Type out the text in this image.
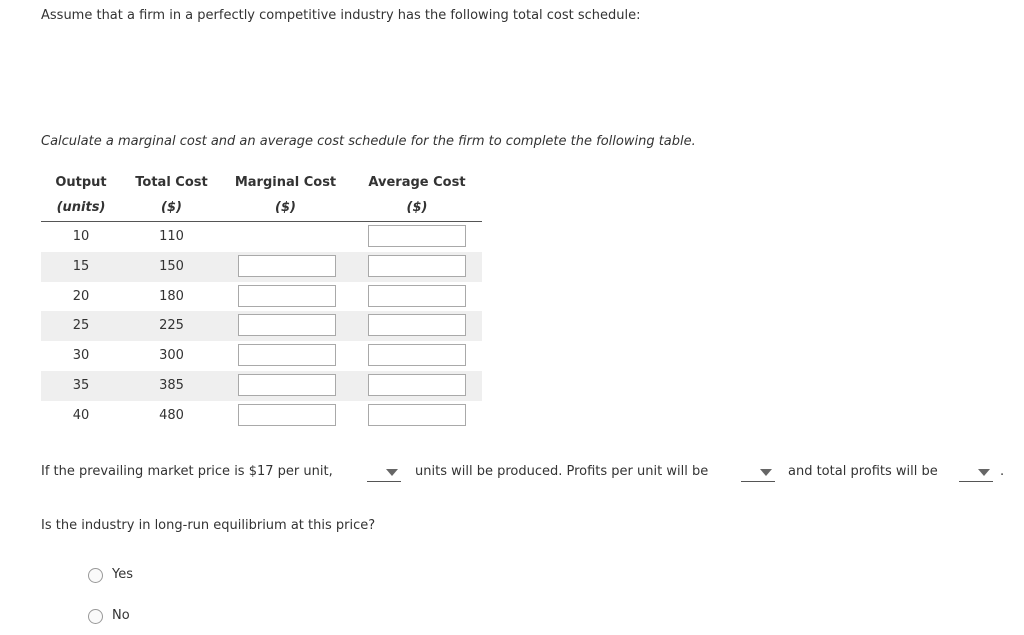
Assume that a firm in a perfectly competitive industry has the following total cost schedule:
Calculate a marginal cost and an average cost schedule for the firm to complete the following table.
Output	Total Cost	Marginal Cost	Average Cost
(units)	($)	($)	($)
10	110
15	150
20	180
25	225
30	300
35	385
40	480
If the prevailing market price is $17 per unit,	units will be produced. Profits per unit will be	and total profits will be	.
Is the industry in long-run equilibrium at this price?
Yes
No
